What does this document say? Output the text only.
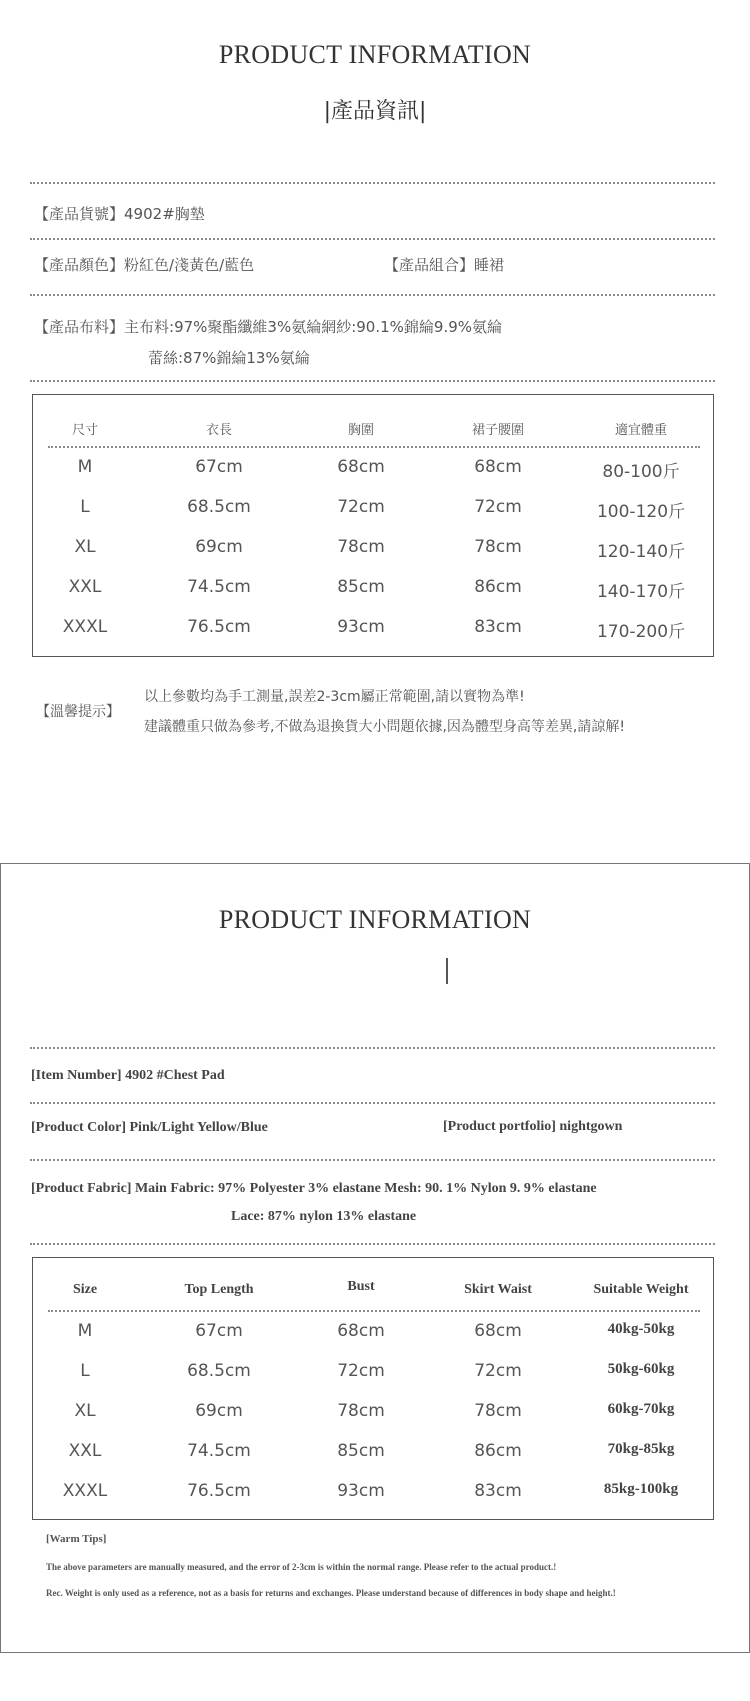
PRODUCT INFORMATION
|產品資訊|
【產品貨號】4902#胸墊
【產品顏色】粉紅色/淺黃色/藍色	【產品組合】睡裙
【產品布料】主布料:97%聚酯纖維3%氨綸網紗:90.1%錦綸9.9%氨綸
蕾絲:87%錦綸13%氨綸
尺寸	衣長	胸圍	裙子腰圍	適宜體重
M	67cm	68cm	68cm	80-100斤
L	68.5cm	72cm	72cm	100-120斤
XL	69cm	78cm	78cm	120-140斤
XXL	74.5cm	85cm	86cm	140-170斤
XXXL	76.5cm	93cm	83cm	170-200斤
【溫馨提示】
以上參數均為手工測量,誤差2-3cm屬正常範圍,請以實物為準!
建議體重只做為參考,不做為退換貨大小問題依據,因為體型身高等差異,請諒解!
PRODUCT INFORMATION
[Item Number] 4902 #Chest Pad
[Product Color] Pink/Light Yellow/Blue	[Product portfolio] nightgown
[Product Fabric] Main Fabric: 97% Polyester 3% elastane Mesh: 90. 1% Nylon 9. 9% elastane
Lace: 87% nylon 13% elastane
Size	Top Length	Bust	Skirt Waist	Suitable Weight
M	67cm	68cm	68cm	40kg-50kg
L	68.5cm	72cm	72cm	50kg-60kg
XL	69cm	78cm	78cm	60kg-70kg
XXL	74.5cm	85cm	86cm	70kg-85kg
XXXL	76.5cm	93cm	83cm	85kg-100kg
[Warm Tips]
The above parameters are manually measured, and the error of 2-3cm is within the normal range. Please refer to the actual product.!
Rec. Weight is only used as a reference, not as a basis for returns and exchanges. Please understand because of differences in body shape and height.!
